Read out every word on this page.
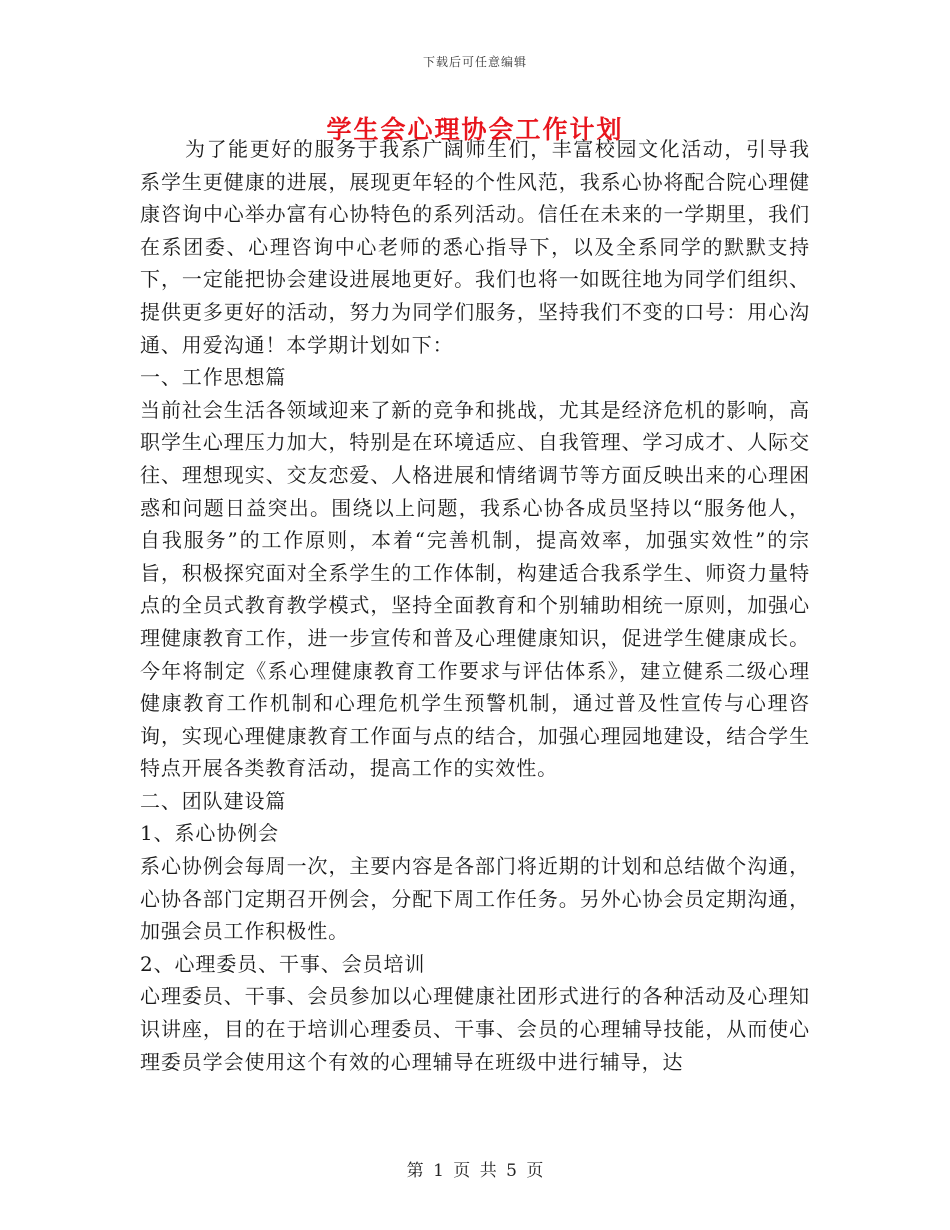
下载后可任意编辑
学生会心理协会工作计划

为了能更好的服务于我系广阔师生们，丰富校园文化活动，引导我系学生更健康的进展，展现更年轻的个性风范，我系心协将配合院心理健康咨询中心举办富有心协特色的系列活动。信任在未来的一学期里，我们在系团委、心理咨询中心老师的悉心指导下，以及全系同学的默默支持下，一定能把协会建设进展地更好。我们也将一如既往地为同学们组织、提供更多更好的活动，努力为同学们服务，坚持我们不变的口号：用心沟通、用爱沟通！本学期计划如下：

一、工作思想篇

当前社会生活各领域迎来了新的竞争和挑战，尤其是经济危机的影响，高职学生心理压力加大，特别是在环境适应、自我管理、学习成才、人际交往、理想现实、交友恋爱、人格进展和情绪调节等方面反映出来的心理困惑和问题日益突出。围绕以上问题，我系心协各成员坚持以“服务他人，自我服务”的工作原则，本着“完善机制，提高效率，加强实效性”的宗旨，积极探究面对全系学生的工作体制，构建适合我系学生、师资力量特点的全员式教育教学模式，坚持全面教育和个别辅助相统一原则，加强心理健康教育工作，进一步宣传和普及心理健康知识，促进学生健康成长。今年将制定《系心理健康教育工作要求与评估体系》，建立健系二级心理健康教育工作机制和心理危机学生预警机制，通过普及性宣传与心理咨询，实现心理健康教育工作面与点的结合，加强心理园地建设，结合学生特点开展各类教育活动，提高工作的实效性。

二、团队建设篇

1、系心协例会

系心协例会每周一次，主要内容是各部门将近期的计划和总结做个沟通，心协各部门定期召开例会，分配下周工作任务。另外心协会员定期沟通，加强会员工作积极性。

2、心理委员、干事、会员培训

心理委员、干事、会员参加以心理健康社团形式进行的各种活动及心理知识讲座，目的在于培训心理委员、干事、会员的心理辅导技能，从而使心理委员学会使用这个有效的心理辅导在班级中进行辅导，达

第 1 页 共 5 页
